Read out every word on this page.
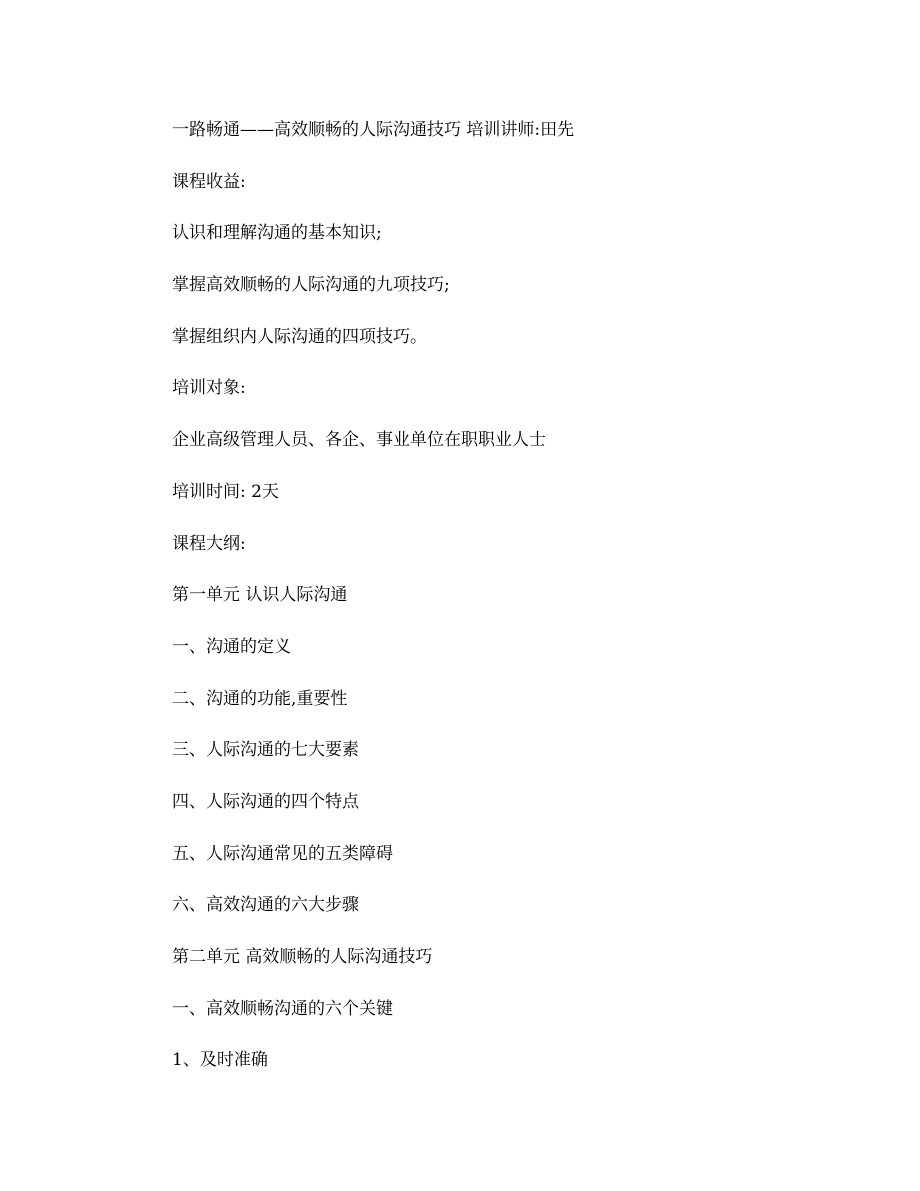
一路畅通——高效顺畅的人际沟通技巧 培训讲师:田先
课程收益:
认识和理解沟通的基本知识;
掌握高效顺畅的人际沟通的九项技巧;
掌握组织内人际沟通的四项技巧。
培训对象:
企业高级管理人员、各企、事业单位在职职业人士
培训时间: 2天
课程大纲:
第一单元 认识人际沟通
一、沟通的定义
二、沟通的功能,重要性
三、人际沟通的七大要素
四、人际沟通的四个特点
五、人际沟通常见的五类障碍
六、高效沟通的六大步骤
第二单元 高效顺畅的人际沟通技巧
一、高效顺畅沟通的六个关键
1、及时准确
